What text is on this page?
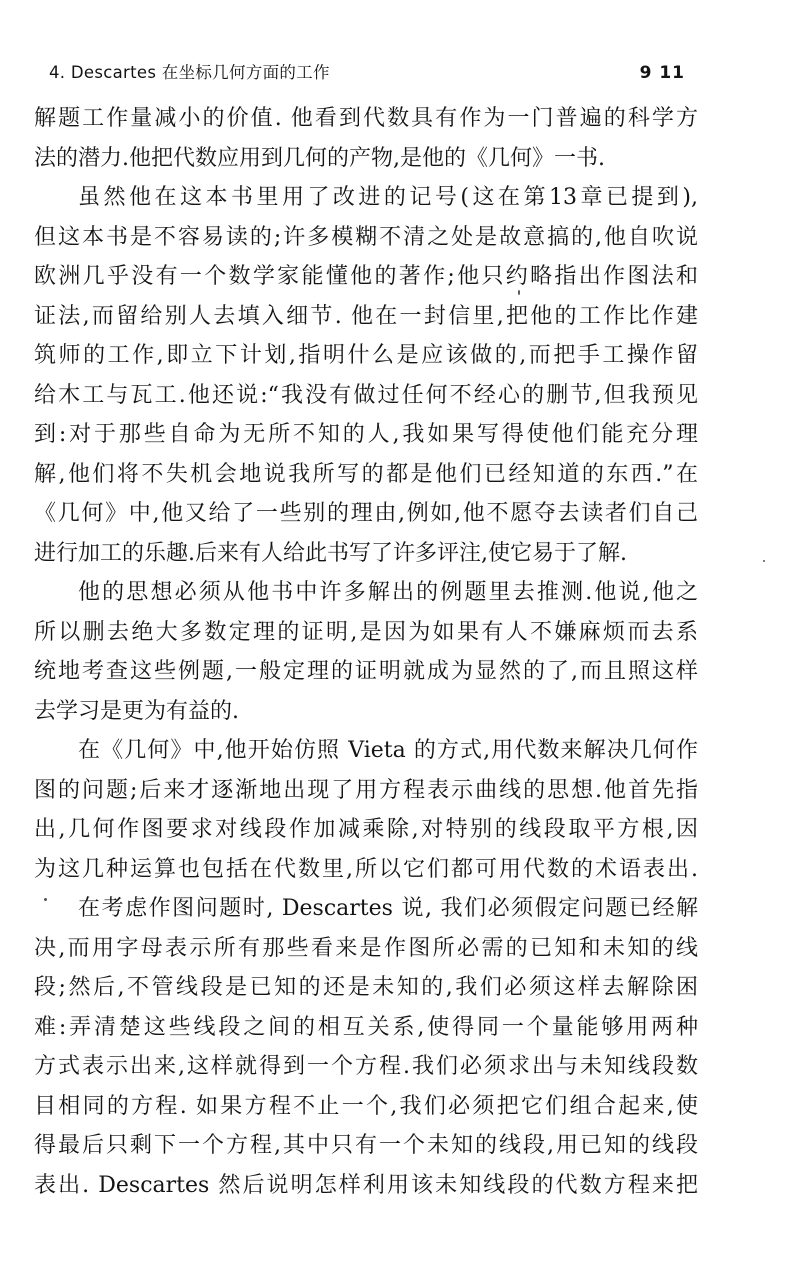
4. Descartes 在坐标几何方面的工作	9 11
解题工作量减小的价值. 他看到代数具有作为一门普遍的科学方
法的潜力.他把代数应用到几何的产物,是他的《几何》一书.
虽然他在这本书里用了改进的记号(这在第13章已提到),
但这本书是不容易读的;许多模糊不清之处是故意搞的,他自吹说
欧洲几乎没有一个数学家能懂他的著作;他只约略指出作图法和
证法,而留给别人去填入细节. 他在一封信里,把他的工作比作建
筑师的工作,即立下计划,指明什么是应该做的,而把手工操作留
给木工与瓦工.他还说:“我没有做过任何不经心的删节,但我预见
到:对于那些自命为无所不知的人,我如果写得使他们能充分理
解,他们将不失机会地说我所写的都是他们已经知道的东西.”在
《几何》中,他又给了一些别的理由,例如,他不愿夺去读者们自己
进行加工的乐趣.后来有人给此书写了许多评注,使它易于了解.
他的思想必须从他书中许多解出的例题里去推测.他说,他之
所以删去绝大多数定理的证明,是因为如果有人不嫌麻烦而去系
统地考查这些例题,一般定理的证明就成为显然的了,而且照这样
去学习是更为有益的.
在《几何》中,他开始仿照 Vieta 的方式,用代数来解决几何作
图的问题;后来才逐渐地出现了用方程表示曲线的思想.他首先指
出,几何作图要求对线段作加减乘除,对特别的线段取平方根,因
为这几种运算也包括在代数里,所以它们都可用代数的术语表出.
在考虑作图问题时, Descartes 说, 我们必须假定问题已经解
决,而用字母表示所有那些看来是作图所必需的已知和未知的线
段;然后,不管线段是已知的还是未知的,我们必须这样去解除困
难:弄清楚这些线段之间的相互关系,使得同一个量能够用两种
方式表示出来,这样就得到一个方程.我们必须求出与未知线段数
目相同的方程. 如果方程不止一个,我们必须把它们组合起来,使
得最后只剩下一个方程,其中只有一个未知的线段,用已知的线段
表出. Descartes 然后说明怎样利用该未知线段的代数方程来把
